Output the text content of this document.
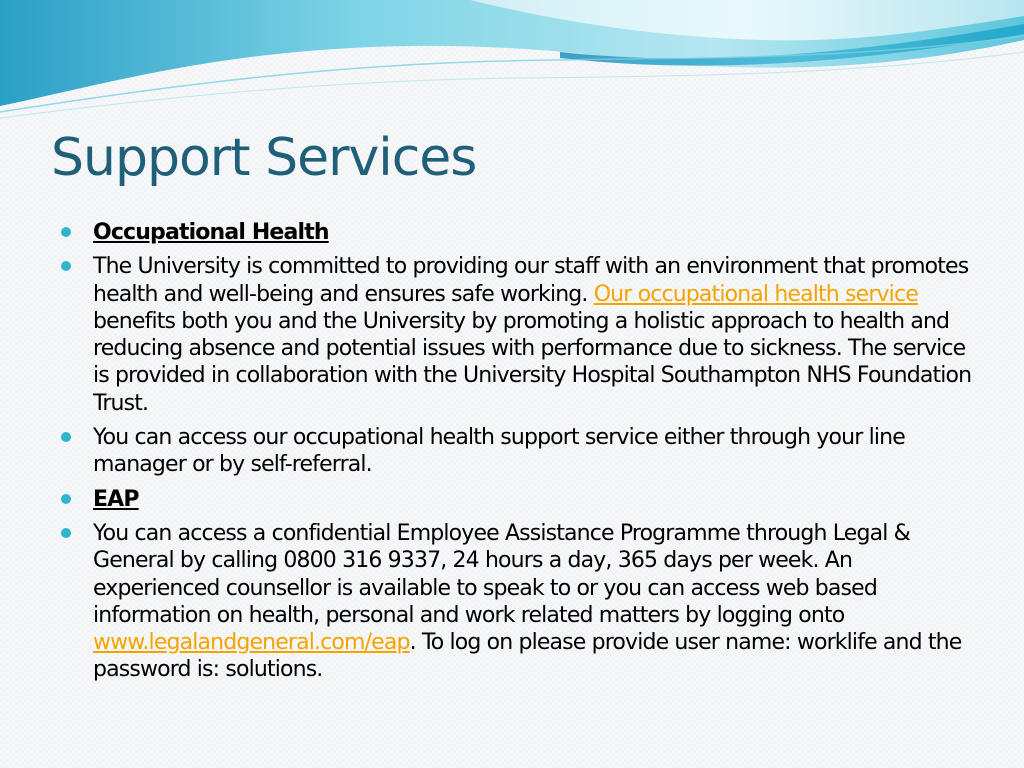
Support Services
Occupational Health
The University is committed to providing our staff with an environment that promotes health and well-being and ensures safe working. Our occupational health service benefits both you and the University by promoting a holistic approach to health and reducing absence and potential issues with performance due to sickness. The service is provided in collaboration with the University Hospital Southampton NHS Foundation Trust.
You can access our occupational health support service either through your line manager or by self-referral.
EAP
You can access a confidential Employee Assistance Programme through Legal & General by calling 0800 316 9337, 24 hours a day, 365 days per week. An experienced counsellor is available to speak to or you can access web based information on health, personal and work related matters by logging onto www.legalandgeneral.com/eap. To log on please provide user name: worklife and the password is: solutions.
